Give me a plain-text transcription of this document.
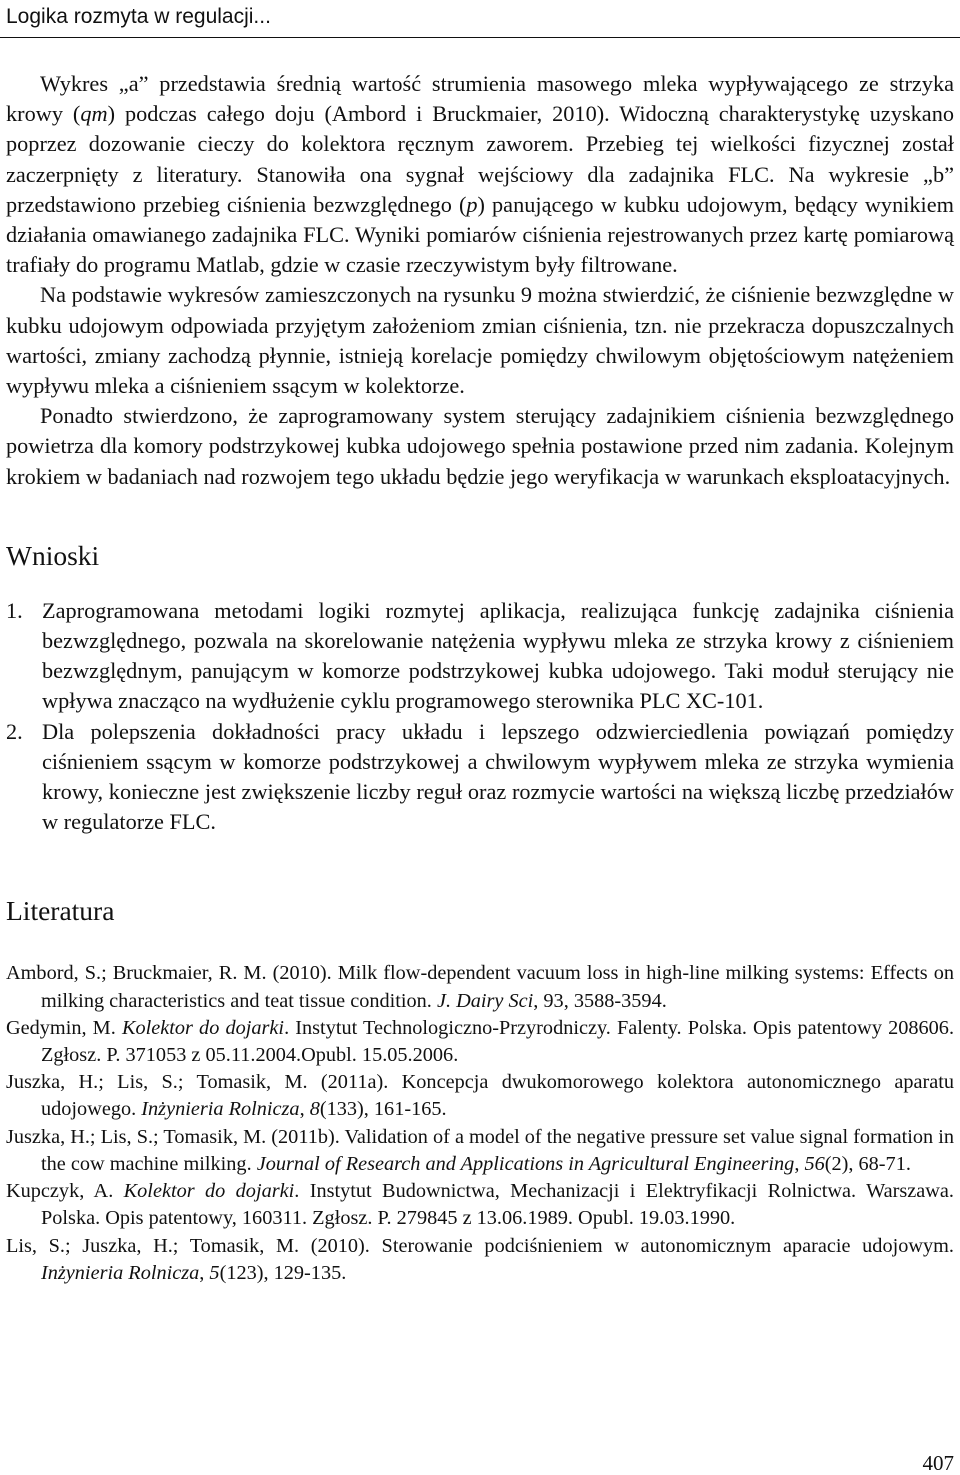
Logika rozmyta w regulacji...

Wykres „a” przedstawia średnią wartość strumienia masowego mleka wypływającego ze strzyka krowy (qm) podczas całego doju (Ambord i Bruckmaier, 2010). Widoczną charakterystykę uzyskano poprzez dozowanie cieczy do kolektora ręcznym zaworem. Przebieg tej wielkości fizycznej został zaczerpnięty z literatury. Stanowiła ona sygnał wejściowy dla zadajnika FLC. Na wykresie „b” przedstawiono przebieg ciśnienia bezwzględnego (p) panującego w kubku udojowym, będący wynikiem działania omawianego zadajnika FLC. Wyniki pomiarów ciśnienia rejestrowanych przez kartę pomiarową trafiały do programu Matlab, gdzie w czasie rzeczywistym były filtrowane.

Na podstawie wykresów zamieszczonych na rysunku 9 można stwierdzić, że ciśnienie bezwzględne w kubku udojowym odpowiada przyjętym założeniom zmian ciśnienia, tzn. nie przekracza dopuszczalnych wartości, zmiany zachodzą płynnie, istnieją korelacje pomiędzy chwilowym objętościowym natężeniem wypływu mleka a ciśnieniem ssącym w kolektorze.

Ponadto stwierdzono, że zaprogramowany system sterujący zadajnikiem ciśnienia bezwzględnego powietrza dla komory podstrzykowej kubka udojowego spełnia postawione przed nim zadania. Kolejnym krokiem w badaniach nad rozwojem tego układu będzie jego weryfikacja w warunkach eksploatacyjnych.

Wnioski
1. Zaprogramowana metodami logiki rozmytej aplikacja, realizująca funkcję zadajnika ciśnienia bezwzględnego, pozwala na skorelowanie natężenia wypływu mleka ze strzyka krowy z ciśnieniem bezwzględnym, panującym w komorze podstrzykowej kubka udojowego. Taki moduł sterujący nie wpływa znacząco na wydłużenie cyklu programowego sterownika PLC XC-101.
2. Dla polepszenia dokładności pracy układu i lepszego odzwierciedlenia powiązań pomiędzy ciśnieniem ssącym w komorze podstrzykowej a chwilowym wypływem mleka ze strzyka wymienia krowy, konieczne jest zwiększenie liczby reguł oraz rozmycie wartości na większą liczbę przedziałów w regulatorze FLC.
Literatura
Ambord, S.; Bruckmaier, R. M. (2010). Milk flow-dependent vacuum loss in high-line milking systems: Effects on milking characteristics and teat tissue condition. J. Dairy Sci, 93, 3588-3594.
Gedymin, M. Kolektor do dojarki. Instytut Technologiczno-Przyrodniczy. Falenty. Polska. Opis patentowy 208606. Zgłosz. P. 371053 z 05.11.2004.Opubl. 15.05.2006.
Juszka, H.; Lis, S.; Tomasik, M. (2011a). Koncepcja dwukomorowego kolektora autonomicznego aparatu udojowego. Inżynieria Rolnicza, 8(133), 161-165.
Juszka, H.; Lis, S.; Tomasik, M. (2011b). Validation of a model of the negative pressure set value signal formation in the cow machine milking. Journal of Research and Applications in Agricultural Engineering, 56(2), 68-71.
Kupczyk, A. Kolektor do dojarki. Instytut Budownictwa, Mechanizacji i Elektryfikacji Rolnictwa. Warszawa. Polska. Opis patentowy, 160311. Zgłosz. P. 279845 z 13.06.1989. Opubl. 19.03.1990.
Lis, S.; Juszka, H.; Tomasik, M. (2010). Sterowanie podciśnieniem w autonomicznym aparacie udojowym. Inżynieria Rolnicza, 5(123), 129-135.
407
